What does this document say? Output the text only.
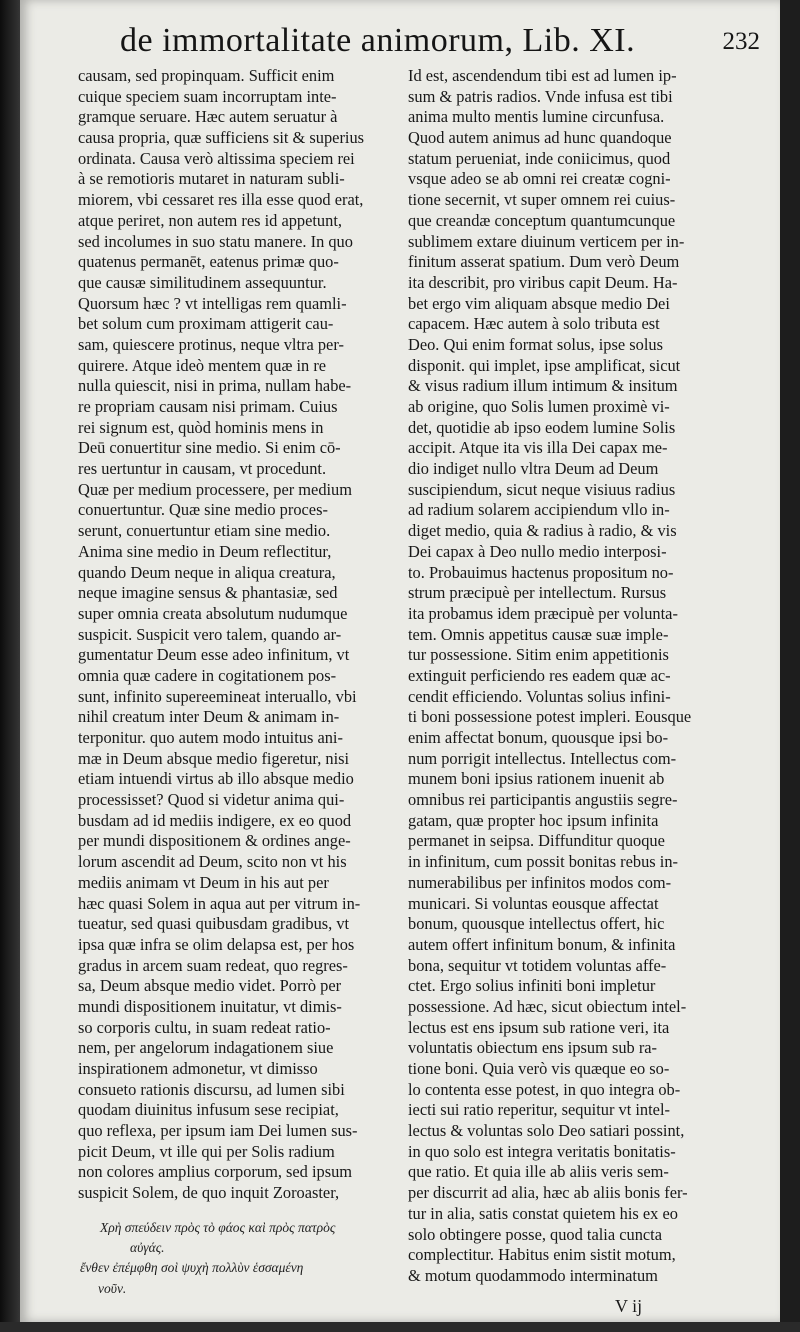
de immortalitate animorum, Lib. XI.	232
causam, sed propinquam. Sufficit enim
cuique speciem suam incorruptam inte-
gramque seruare. Hæc autem seruatur à
causa propria, quæ sufficiens sit & superius
ordinata. Causa verò altissima speciem rei
à se remotioris mutaret in naturam subli-
miorem, vbi cessaret res illa esse quod erat,
atque periret, non autem res id appetunt,
sed incolumes in suo statu manere. In quo
quatenus permanēt, eatenus primæ quo-
que causæ similitudinem assequuntur.
Quorsum hæc ? vt intelligas rem quamli-
bet solum cum proximam attigerit cau-
sam, quiescere protinus, neque vltra per-
quirere. Atque ideò mentem quæ in re
nulla quiescit, nisi in prima, nullam habe-
re propriam causam nisi primam. Cuius
rei signum est, quòd hominis mens in
Deū conuertitur sine medio. Si enim cō-
res uertuntur in causam, vt procedunt.
Quæ per medium processere, per medium
conuertuntur. Quæ sine medio proces-
serunt, conuertuntur etiam sine medio.
Anima sine medio in Deum reflectitur,
quando Deum neque in aliqua creatura,
neque imagine sensus & phantasiæ, sed
super omnia creata absolutum nudumque
suspicit. Suspicit vero talem, quando ar-
gumentatur Deum esse adeo infinitum, vt
omnia quæ cadere in cogitationem pos-
sunt, infinito supereemineat interuallo, vbi
nihil creatum inter Deum & animam in-
terponitur. quo autem modo intuitus ani-
mæ in Deum absque medio figeretur, nisi
etiam intuendi virtus ab illo absque medio
processisset? Quod si videtur anima qui-
busdam ad id mediis indigere, ex eo quod
per mundi dispositionem & ordines ange-
lorum ascendit ad Deum, scito non vt his
mediis animam vt Deum in his aut per
hæc quasi Solem in aqua aut per vitrum in-
tueatur, sed quasi quibusdam gradibus, vt
ipsa quæ infra se olim delapsa est, per hos
gradus in arcem suam redeat, quo regres-
sa, Deum absque medio videt. Porrò per
mundi dispositionem inuitatur, vt dimis-
so corporis cultu, in suam redeat ratio-
nem, per angelorum indagationem siue
inspirationem admonetur, vt dimisso
consueto rationis discursu, ad lumen sibi
quodam diuinitus infusum sese recipiat,
quo reflexa, per ipsum iam Dei lumen sus-
picit Deum, vt ille qui per Solis radium
non colores amplius corporum, sed ipsum
suspicit Solem, de quo inquit Zoroaster,
Id est, ascendendum tibi est ad lumen ip-
sum & patris radios. Vnde infusa est tibi
anima multo mentis lumine circunfusa.
Quod autem animus ad hunc quandoque
statum perueniat, inde coniicimus, quod
vsque adeo se ab omni rei creatæ cogni-
tione secernit, vt super omnem rei cuius-
que creandæ conceptum quantumcunque
sublimem extare diuinum verticem per in-
finitum asserat spatium. Dum verò Deum
ita describit, pro viribus capit Deum. Ha-
bet ergo vim aliquam absque medio Dei
capacem. Hæc autem à solo tributa est
Deo. Qui enim format solus, ipse solus
disponit. qui implet, ipse amplificat, sicut
& visus radium illum intimum & insitum
ab origine, quo Solis lumen proximè vi-
det, quotidie ab ipso eodem lumine Solis
accipit. Atque ita vis illa Dei capax me-
dio indiget nullo vltra Deum ad Deum
suscipiendum, sicut neque visiuus radius
ad radium solarem accipiendum vllo in-
diget medio, quia & radius à radio, & vis
Dei capax à Deo nullo medio interposi-
to. Probauimus hactenus propositum no-
strum præcipuè per intellectum. Rursus
ita probamus idem præcipuè per volunta-
tem. Omnis appetitus causæ suæ imple-
tur possessione. Sitim enim appetitionis
extinguit perficiendo res eadem quæ ac-
cendit efficiendo. Voluntas solius infini-
ti boni possessione potest impleri. Eousque
enim affectat bonum, quousque ipsi bo-
num porrigit intellectus. Intellectus com-
munem boni ipsius rationem inuenit ab
omnibus rei participantis angustiis segre-
gatam, quæ propter hoc ipsum infinita
permanet in seipsa. Diffunditur quoque
in infinitum, cum possit bonitas rebus in-
numerabilibus per infinitos modos com-
municari. Si voluntas eousque affectat
bonum, quousque intellectus offert, hic
autem offert infinitum bonum, & infinita
bona, sequitur vt totidem voluntas affe-
ctet. Ergo solius infiniti boni impletur
possessione. Ad hæc, sicut obiectum intel-
lectus est ens ipsum sub ratione veri, ita
voluntatis obiectum ens ipsum sub ra-
tione boni. Quia verò vis quæque eo so-
lo contenta esse potest, in quo integra ob-
iecti sui ratio reperitur, sequitur vt intel-
lectus & voluntas solo Deo satiari possint,
in quo solo est integra veritatis bonitatis-
que ratio. Et quia ille ab aliis veris sem-
per discurrit ad alia, hæc ab aliis bonis fer-
tur in alia, satis constat quietem his ex eo
solo obtingere posse, quod talia cuncta
complectitur. Habitus enim sistit motum,
& motum quodammodo interminatum
Χρὴ σπεύδειν πρὸς τὸ φάος καὶ πρὸς πατρὸς
αὐγάς.
ἔνθεν ἐπέμφθη σοὶ ψυχὴ πολλὺν ἑσσαμένη
νοῦν.
V ij
